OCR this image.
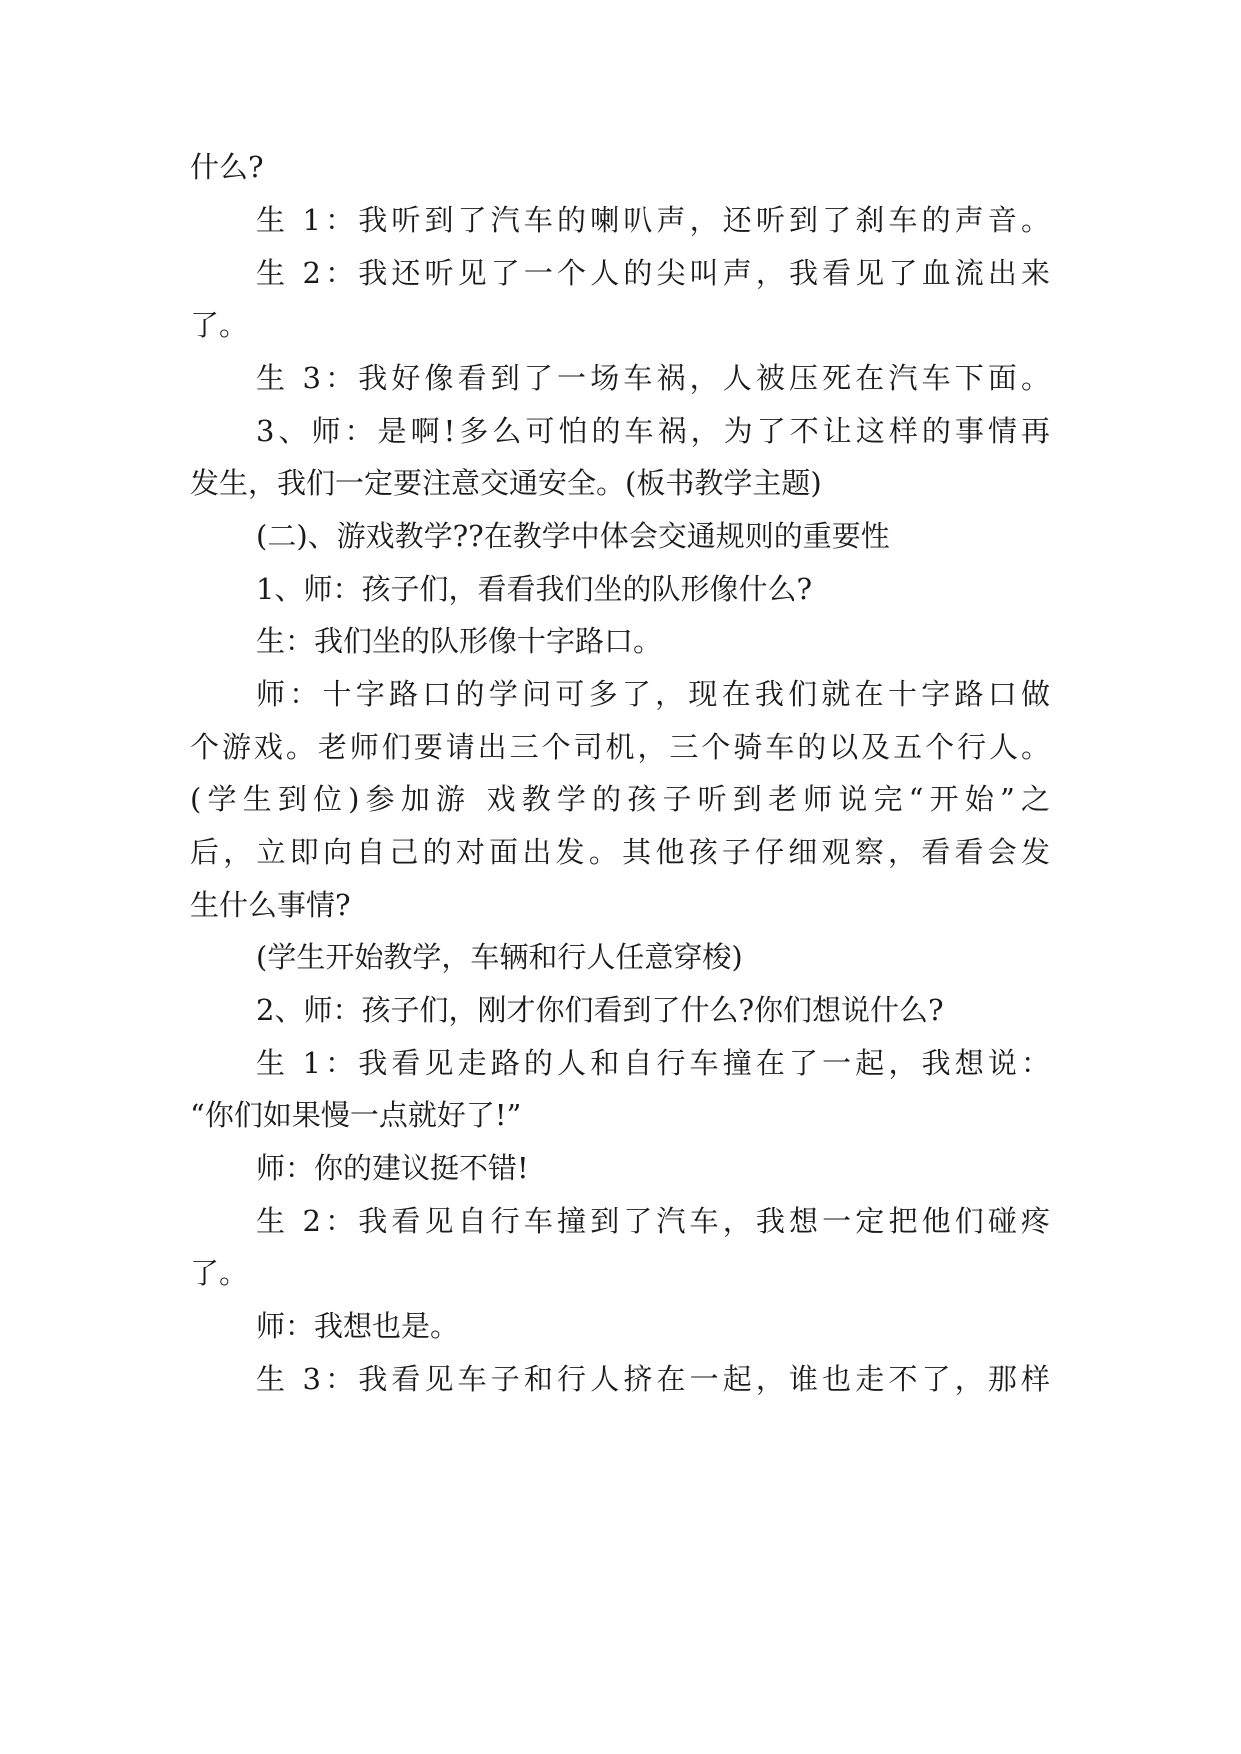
什么?
生 1：我听到了汽车的喇叭声，还听到了刹车的声音。
生 2：我还听见了一个人的尖叫声，我看见了血流出来
了。
生 3：我好像看到了一场车祸，人被压死在汽车下面。
3、师：是啊!多么可怕的车祸，为了不让这样的事情再
发生，我们一定要注意交通安全。(板书教学主题)
(二)、游戏教学??在教学中体会交通规则的重要性
1、师：孩子们，看看我们坐的队形像什么?
生：我们坐的队形像十字路口。
师：十字路口的学问可多了，现在我们就在十字路口做
个游戏。老师们要请出三个司机，三个骑车的以及五个行人。
(学生到位)参加游 戏教学的孩子听到老师说完“开始”之
后，立即向自己的对面出发。其他孩子仔细观察，看看会发
生什么事情?
(学生开始教学，车辆和行人任意穿梭)
2、师：孩子们，刚才你们看到了什么?你们想说什么?
生 1：我看见走路的人和自行车撞在了一起，我想说：
“你们如果慢一点就好了!”
师：你的建议挺不错!
生 2：我看见自行车撞到了汽车，我想一定把他们碰疼
了。
师：我想也是。
生 3：我看见车子和行人挤在一起，谁也走不了，那样
